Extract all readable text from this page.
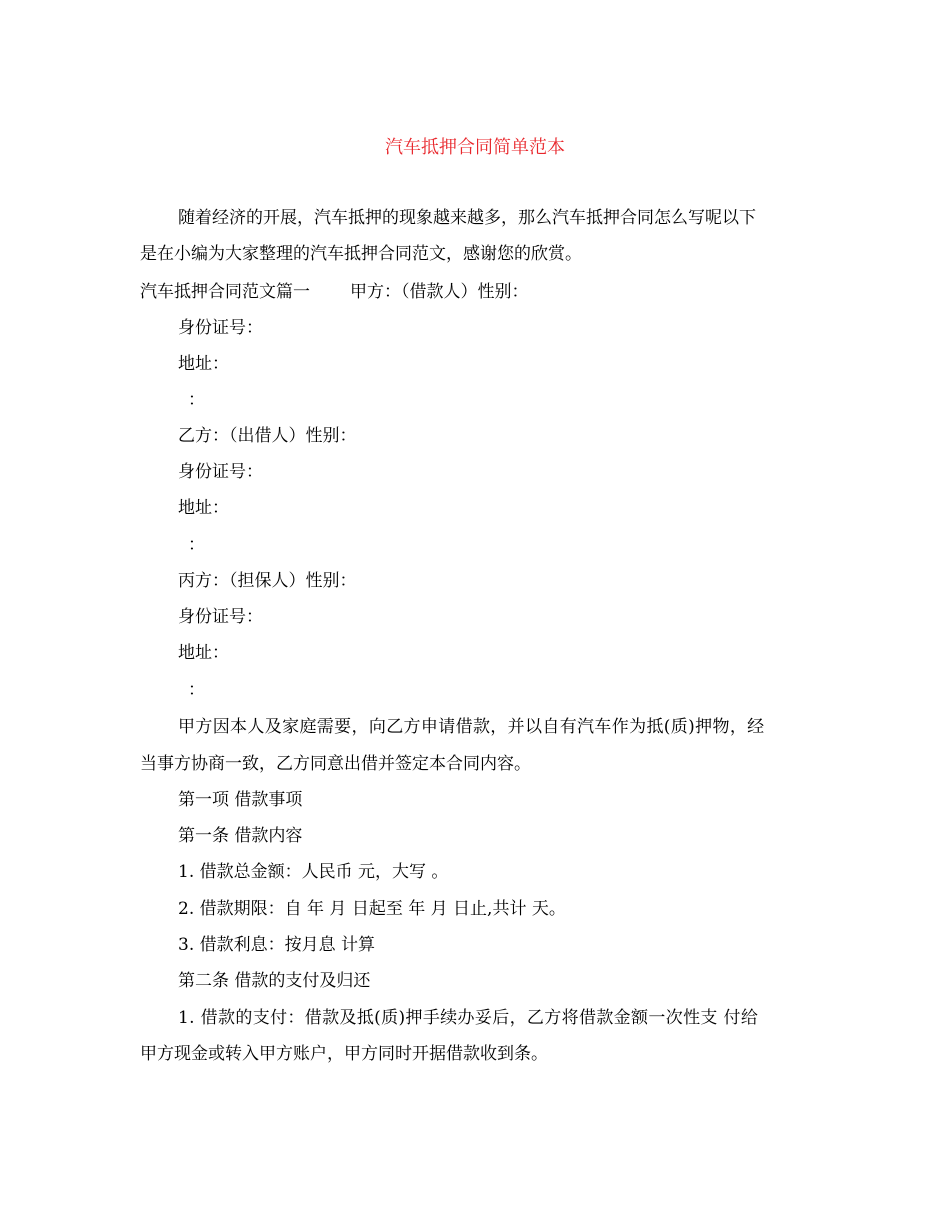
汽车抵押合同简单范本
随着经济的开展，汽车抵押的现象越来越多，那么汽车抵押合同怎么写呢以下
是在小编为大家整理的汽车抵押合同范文，感谢您的欣赏。
汽车抵押合同范文篇一 甲方：（借款人）性别：
身份证号：
地址：
：
乙方：（出借人）性别：
身份证号：
地址：
：
丙方：（担保人）性别：
身份证号：
地址：
：
甲方因本人及家庭需要，向乙方申请借款，并以自有汽车作为抵(质)押物，经
当事方协商一致，乙方同意出借并签定本合同内容。
第一项 借款事项
第一条 借款内容
1. 借款总金额：人民币 元，大写 。
2. 借款期限：自 年 月 日起至 年 月 日止,共计 天。
3. 借款利息：按月息 计算
第二条 借款的支付及归还
1. 借款的支付：借款及抵(质)押手续办妥后，乙方将借款金额一次性支 付给
甲方现金或转入甲方账户，甲方同时开据借款收到条。
